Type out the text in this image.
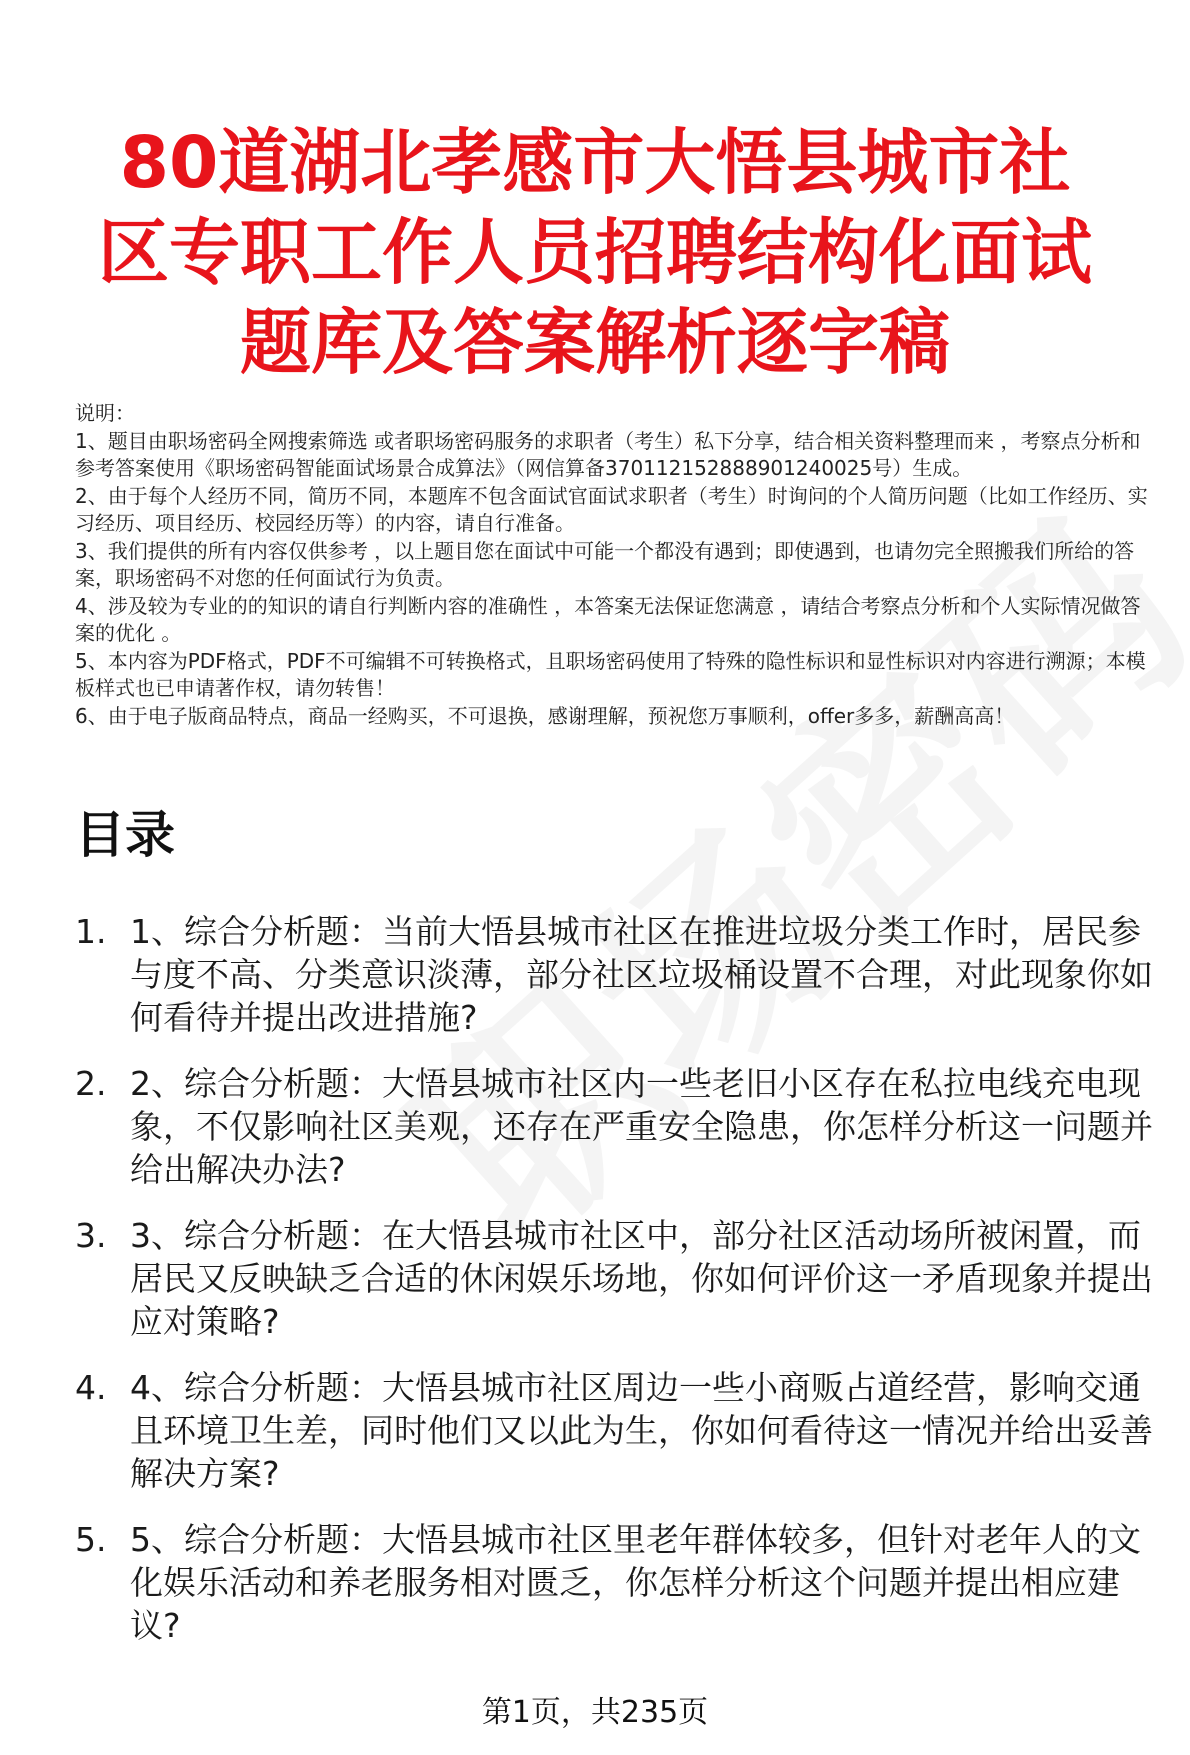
80道湖北孝感市大悟县城市社区专职工作人员招聘结构化面试题库及答案解析逐字稿

说明：

1、题目由职场密码全网搜索筛选 或者职场密码服务的求职者（考生）私下分享，结合相关资料整理而来 ，考察点分析和参考答案使用《职场密码智能面试场景合成算法》（网信算备370112152888901240025号）生成。

2、由于每个人经历不同，简历不同，本题库不包含面试官面试求职者（考生）时询问的个人简历问题（比如工作经历、实习经历、项目经历、校园经历等）的内容，请自行准备。

3、我们提供的所有内容仅供参考 ，以上题目您在面试中可能一个都没有遇到；即使遇到，也请勿完全照搬我们所给的答案，职场密码不对您的任何面试行为负责。

4、涉及较为专业的的知识的请自行判断内容的准确性 ，本答案无法保证您满意 ，请结合考察点分析和个人实际情况做答案的优化 。

5、本内容为PDF格式，PDF不可编辑不可转换格式，且职场密码使用了特殊的隐性标识和显性标识对内容进行溯源；本模板样式也已申请著作权，请勿转售！

6、由于电子版商品特点，商品一经购买，不可退换，感谢理解，预祝您万事顺利，offer多多，薪酬高高！

目录
1. 1、综合分析题：当前大悟县城市社区在推进垃圾分类工作时，居民参与度不高、分类意识淡薄，部分社区垃圾桶设置不合理，对此现象你如何看待并提出改进措施?
2. 2、综合分析题：大悟县城市社区内一些老旧小区存在私拉电线充电现象，不仅影响社区美观，还存在严重安全隐患，你怎样分析这一问题并给出解决办法?
3. 3、综合分析题：在大悟县城市社区中，部分社区活动场所被闲置，而居民又反映缺乏合适的休闲娱乐场地，你如何评价这一矛盾现象并提出应对策略?
4. 4、综合分析题：大悟县城市社区周边一些小商贩占道经营，影响交通且环境卫生差，同时他们又以此为生，你如何看待这一情况并给出妥善解决方案?
5. 5、综合分析题：大悟县城市社区里老年群体较多，但针对老年人的文化娱乐活动和养老服务相对匮乏，你怎样分析这个问题并提出相应建议?
第1页，共235页
